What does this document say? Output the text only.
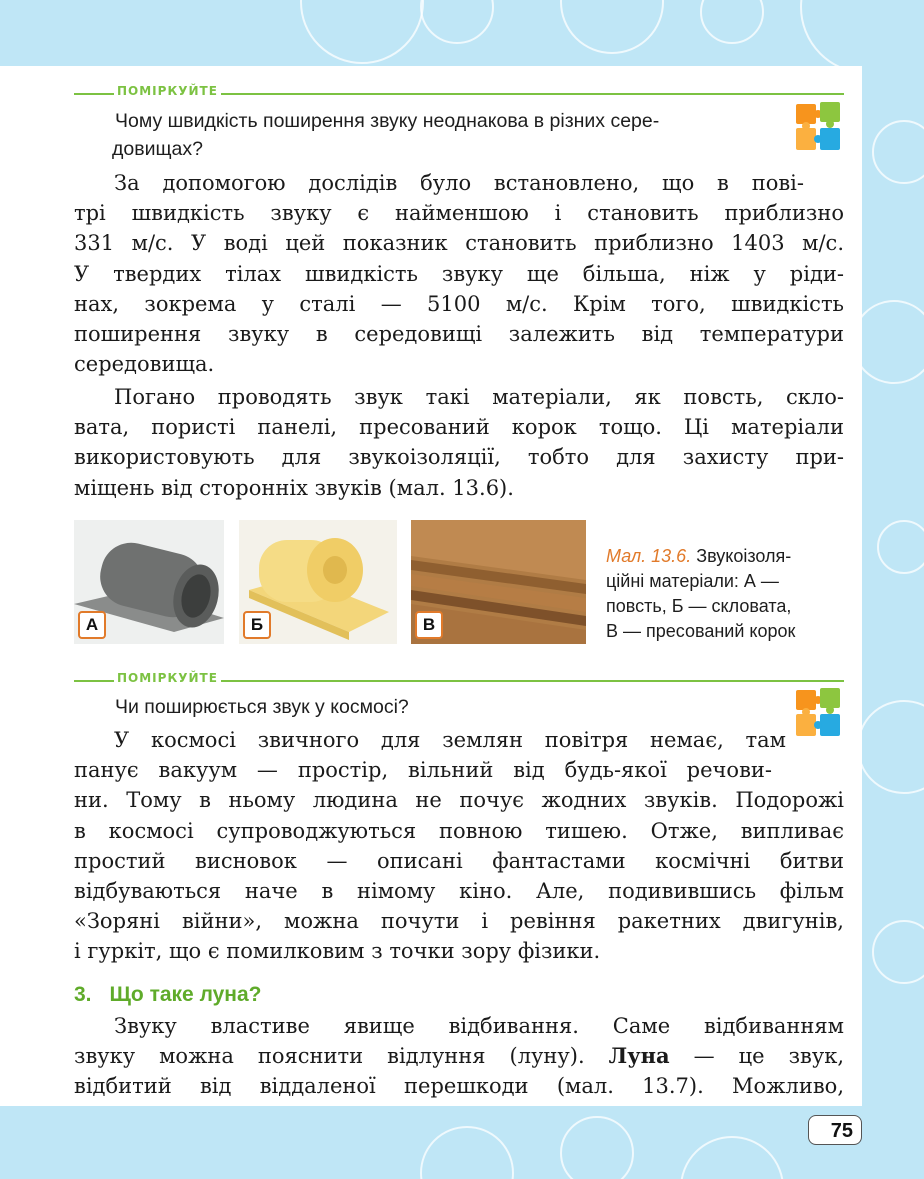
ПОМІРКУЙТЕ
Чому швидкість поширення звуку неоднакова в різних сере-
довищах?
За допомогою дослідів було встановлено, що в пові-
трі швидкість звуку є найменшою і становить приблизно
331 м/с. У воді цей показник становить приблизно 1403 м/с.
У твердих тілах швидкість звуку ще більша, ніж у ріди-
нах, зокрема у сталі — 5100 м/с. Крім того, швидкість
поширення звуку в середовищі залежить від температури
середовища.
Погано проводять звук такі матеріали, як повсть, скло-
вата, пористі панелі, пресований корок тощо. Ці матеріали
використовують для звукоізоляції, тобто для захисту при-
міщень від сторонніх звуків (мал. 13.6).
А	Б	В
Мал. 13.6. Звукоізоля-
ційні матеріали: А —
повсть, Б — скловата,
В — пресований корок
ПОМІРКУЙТЕ
Чи поширюється звук у космосі?
У космосі звичного для землян повітря немає, там
панує вакуум — простір, вільний від будь-якої речови-
ни. Тому в ньому людина не почує жодних звуків. Подорожі
в космосі супроводжуються повною тишею. Отже, випливає
простий висновок — описані фантастами космічні битви
відбуваються наче в німому кіно. Але, подивившись фільм
«Зоряні війни», можна почути і ревіння ракетних двигунів,
і гуркіт, що є помилковим з точки зору фізики.
3. Що таке луна?
Звуку властиве явище відбивання. Саме відбиванням
звуку можна пояснити відлуння (луну). Луна — це звук,
відбитий від віддаленої перешкоди (мал. 13.7). Можливо,
75
